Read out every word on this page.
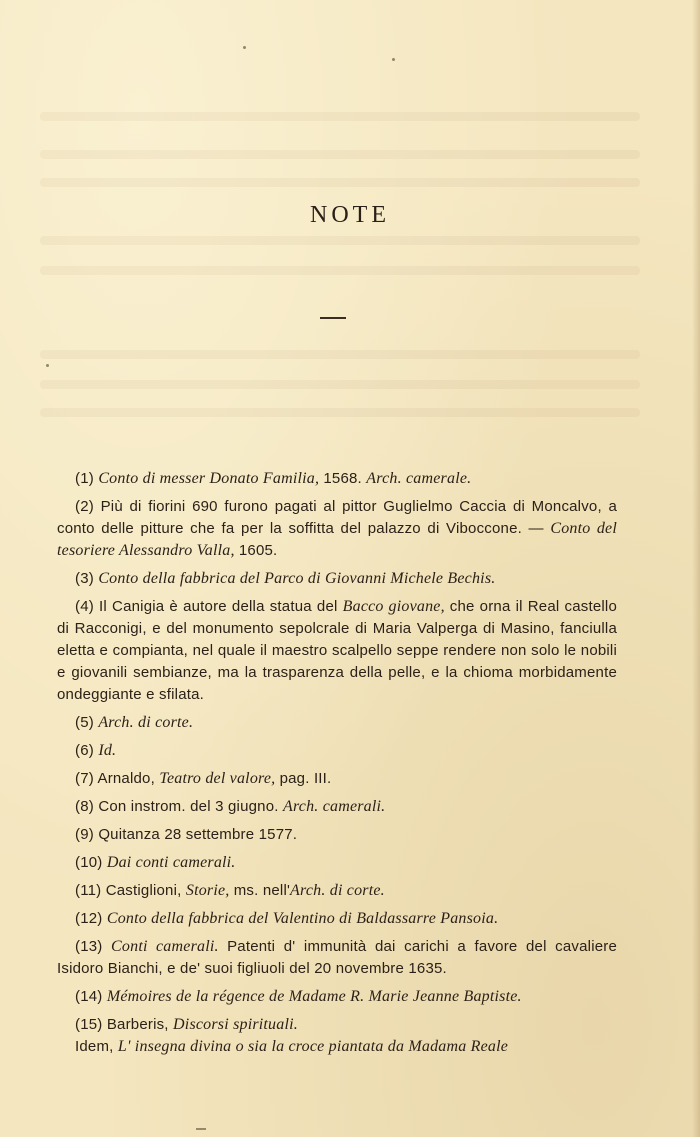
NOTE

(1) Conto di messer Donato Familia, 1568. Arch. camerale.

(2) Più di fiorini 690 furono pagati al pittor Guglielmo Caccia di Moncalvo, a conto delle pitture che fa per la soffitta del palazzo di Viboccone. — Conto del tesoriere Alessandro Valla, 1605.

(3) Conto della fabbrica del Parco di Giovanni Michele Bechis.

(4) Il Canigia è autore della statua del Bacco giovane, che orna il Real castello di Racconigi, e del monumento sepolcrale di Maria Valperga di Masino, fanciulla eletta e compianta, nel quale il maestro scalpello seppe rendere non solo le nobili e giovanili sembianze, ma la trasparenza della pelle, e la chioma morbidamente ondeggiante e sfilata.

(5) Arch. di corte.

(6) Id.

(7) Arnaldo, Teatro del valore, pag. III.

(8) Con instrom. del 3 giugno. Arch. camerali.

(9) Quitanza 28 settembre 1577.

(10) Dai conti camerali.

(11) Castiglioni, Storie, ms. nell'Arch. di corte.

(12) Conto della fabbrica del Valentino di Baldassarre Pansoia.

(13) Conti camerali. Patenti d' immunità dai carichi a favore del cavaliere Isidoro Bianchi, e de' suoi figliuoli del 20 novembre 1635.

(14) Mémoires de la régence de Madame R. Marie Jeanne Baptiste.

(15) Barberis, Discorsi spirituali.

Idem, L' insegna divina o sia la croce piantata da Madama Reale
